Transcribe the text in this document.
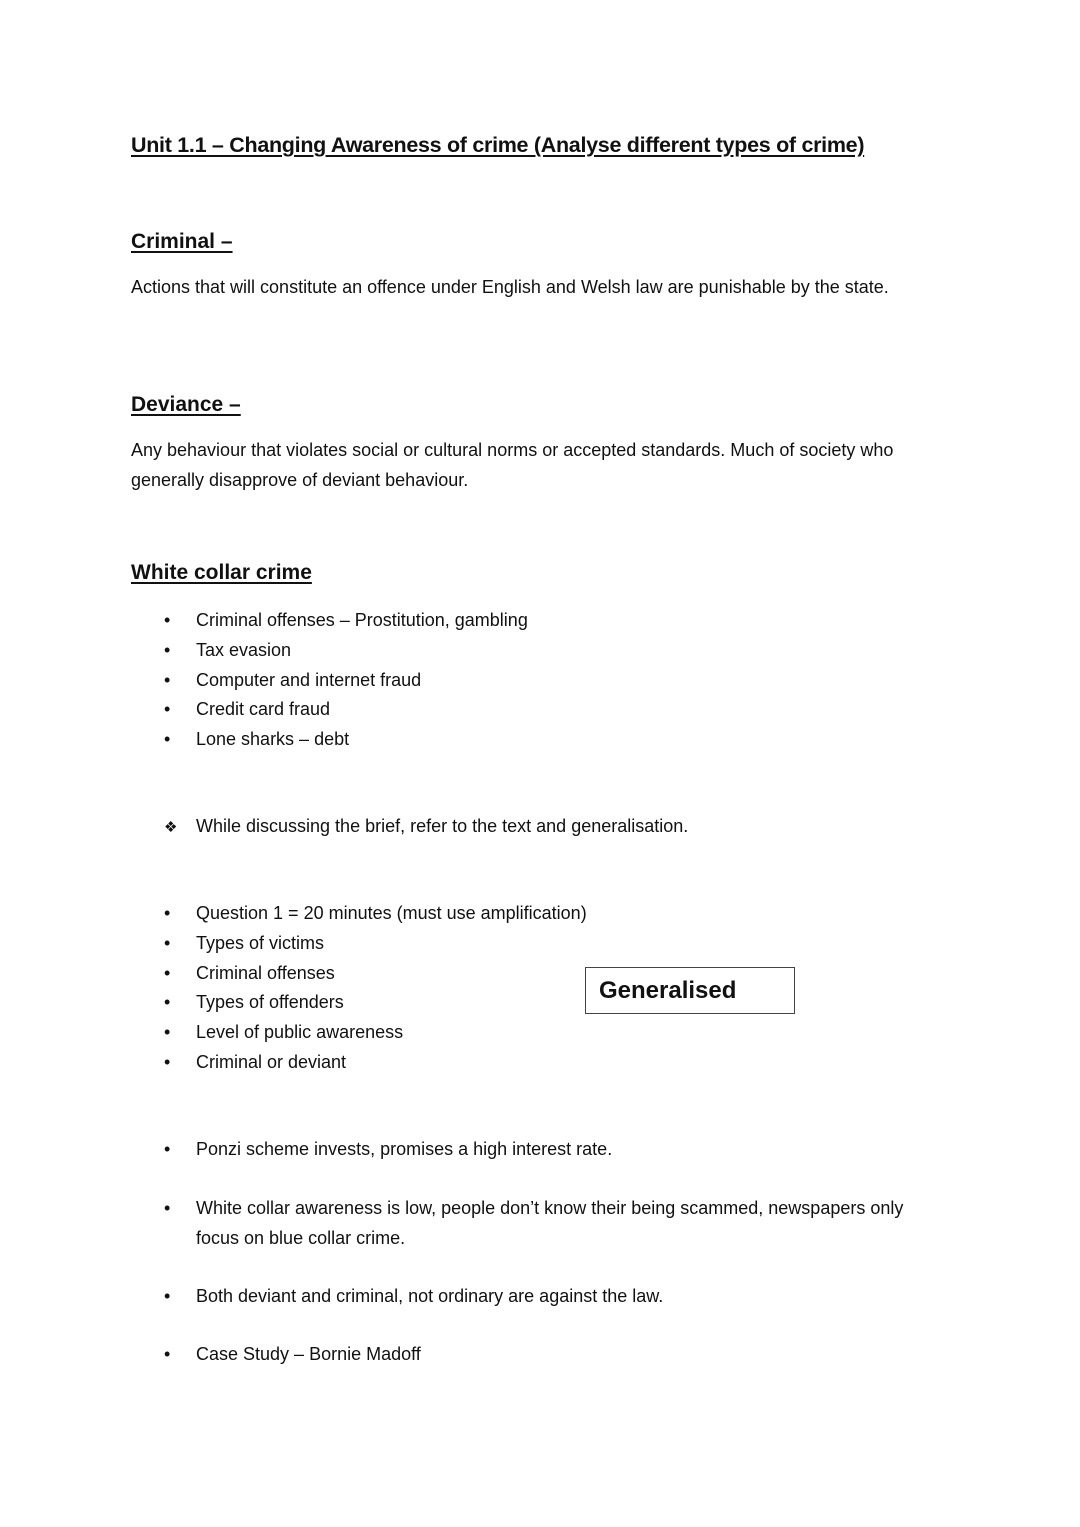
Unit 1.1 – Changing Awareness of crime (Analyse different types of crime)
Criminal –
Actions that will constitute an offence under English and Welsh law are punishable by the state.
Deviance –
Any behaviour that violates social or cultural norms or accepted standards. Much of society who generally disapprove of deviant behaviour.
White collar crime
• Criminal offenses – Prostitution, gambling
• Tax evasion
• Computer and internet fraud
• Credit card fraud
• Lone sharks – debt
❖ While discussing the brief, refer to the text and generalisation.
• Question 1 = 20 minutes (must use amplification)
• Types of victims
• Criminal offenses
• Types of offenders
• Level of public awareness
• Criminal or deviant
Generalised
• Ponzi scheme invests, promises a high interest rate.
•	White collar awareness is low, people don’t know their being scammed, newspapers only focus on blue collar crime.
• Both deviant and criminal, not ordinary are against the law.
• Case Study – Bornie Madoff
